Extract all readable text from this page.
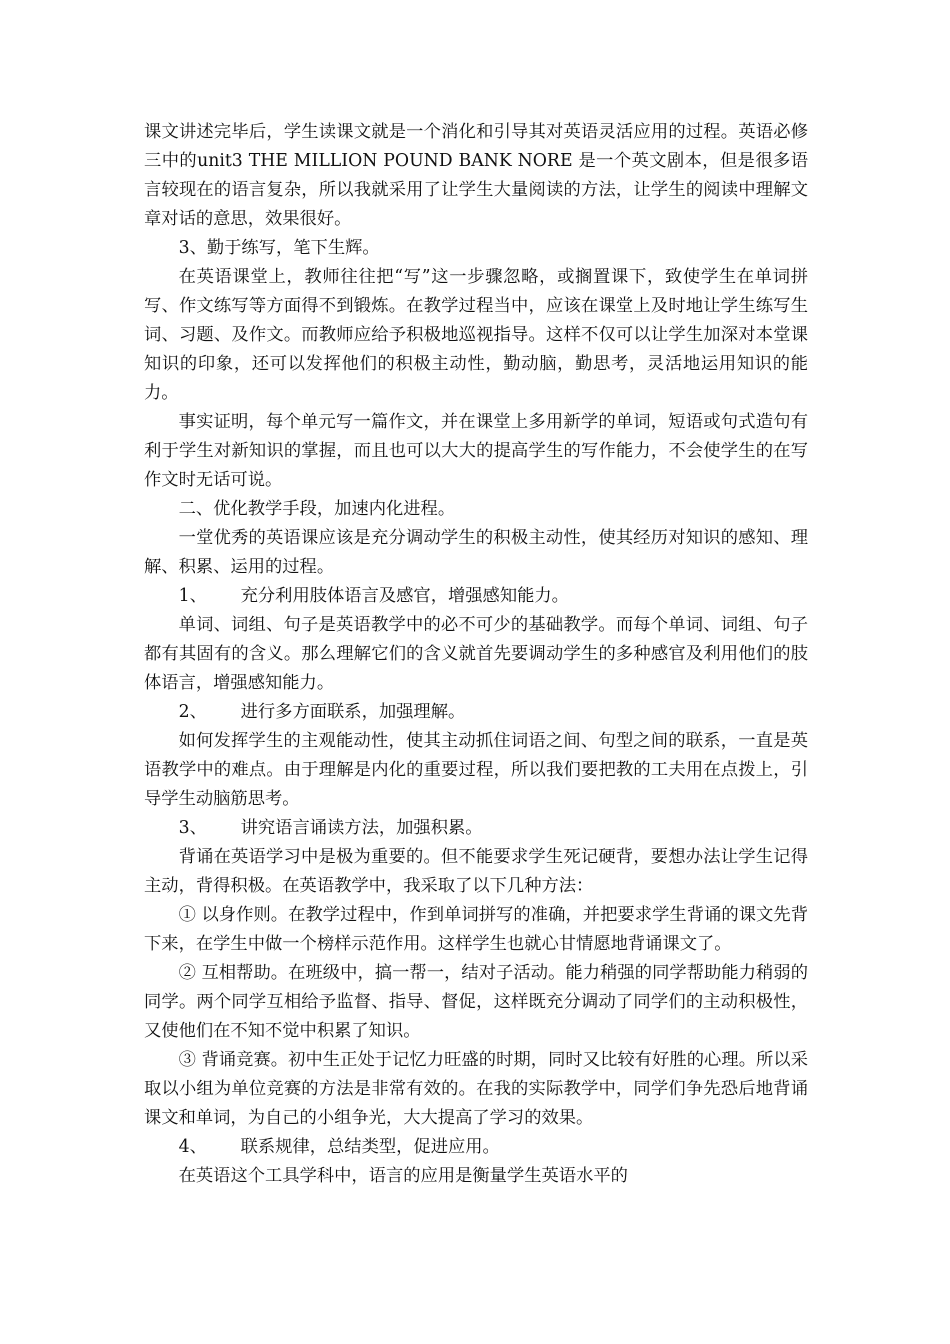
课文讲述完毕后，学生读课文就是一个消化和引导其对英语灵活应用的过程。英语必修三中的unit3 THE MILLION POUND BANK NORE 是一个英文剧本，但是很多语言较现在的语言复杂，所以我就采用了让学生大量阅读的方法，让学生的阅读中理解文章对话的意思，效果很好。

3、勤于练写，笔下生辉。

在英语课堂上，教师往往把“写”这一步骤忽略，或搁置课下，致使学生在单词拼写、作文练写等方面得不到锻炼。在教学过程当中，应该在课堂上及时地让学生练写生词、习题、及作文。而教师应给予积极地巡视指导。这样不仅可以让学生加深对本堂课知识的印象，还可以发挥他们的积极主动性，勤动脑，勤思考，灵活地运用知识的能力。

事实证明，每个单元写一篇作文，并在课堂上多用新学的单词，短语或句式造句有利于学生对新知识的掌握，而且也可以大大的提高学生的写作能力，不会使学生的在写作文时无话可说。

二、优化教学手段，加速内化进程。

一堂优秀的英语课应该是充分调动学生的积极主动性，使其经历对知识的感知、理解、积累、运用的过程。

1、 充分利用肢体语言及感官，增强感知能力。

单词、词组、句子是英语教学中的必不可少的基础教学。而每个单词、词组、句子都有其固有的含义。那么理解它们的含义就首先要调动学生的多种感官及利用他们的肢体语言，增强感知能力。

2、 进行多方面联系，加强理解。

如何发挥学生的主观能动性，使其主动抓住词语之间、句型之间的联系，一直是英语教学中的难点。由于理解是内化的重要过程，所以我们要把教的工夫用在点拨上，引导学生动脑筋思考。

3、 讲究语言诵读方法，加强积累。

背诵在英语学习中是极为重要的。但不能要求学生死记硬背，要想办法让学生记得主动，背得积极。在英语教学中，我采取了以下几种方法：

① 以身作则。在教学过程中，作到单词拼写的准确，并把要求学生背诵的课文先背下来，在学生中做一个榜样示范作用。这样学生也就心甘情愿地背诵课文了。

② 互相帮助。在班级中，搞一帮一，结对子活动。能力稍强的同学帮助能力稍弱的同学。两个同学互相给予监督、指导、督促，这样既充分调动了同学们的主动积极性，又使他们在不知不觉中积累了知识。

③ 背诵竞赛。初中生正处于记忆力旺盛的时期，同时又比较有好胜的心理。所以采取以小组为单位竞赛的方法是非常有效的。在我的实际教学中，同学们争先恐后地背诵课文和单词，为自己的小组争光，大大提高了学习的效果。

4、 联系规律，总结类型，促进应用。

在英语这个工具学科中，语言的应用是衡量学生英语水平的
